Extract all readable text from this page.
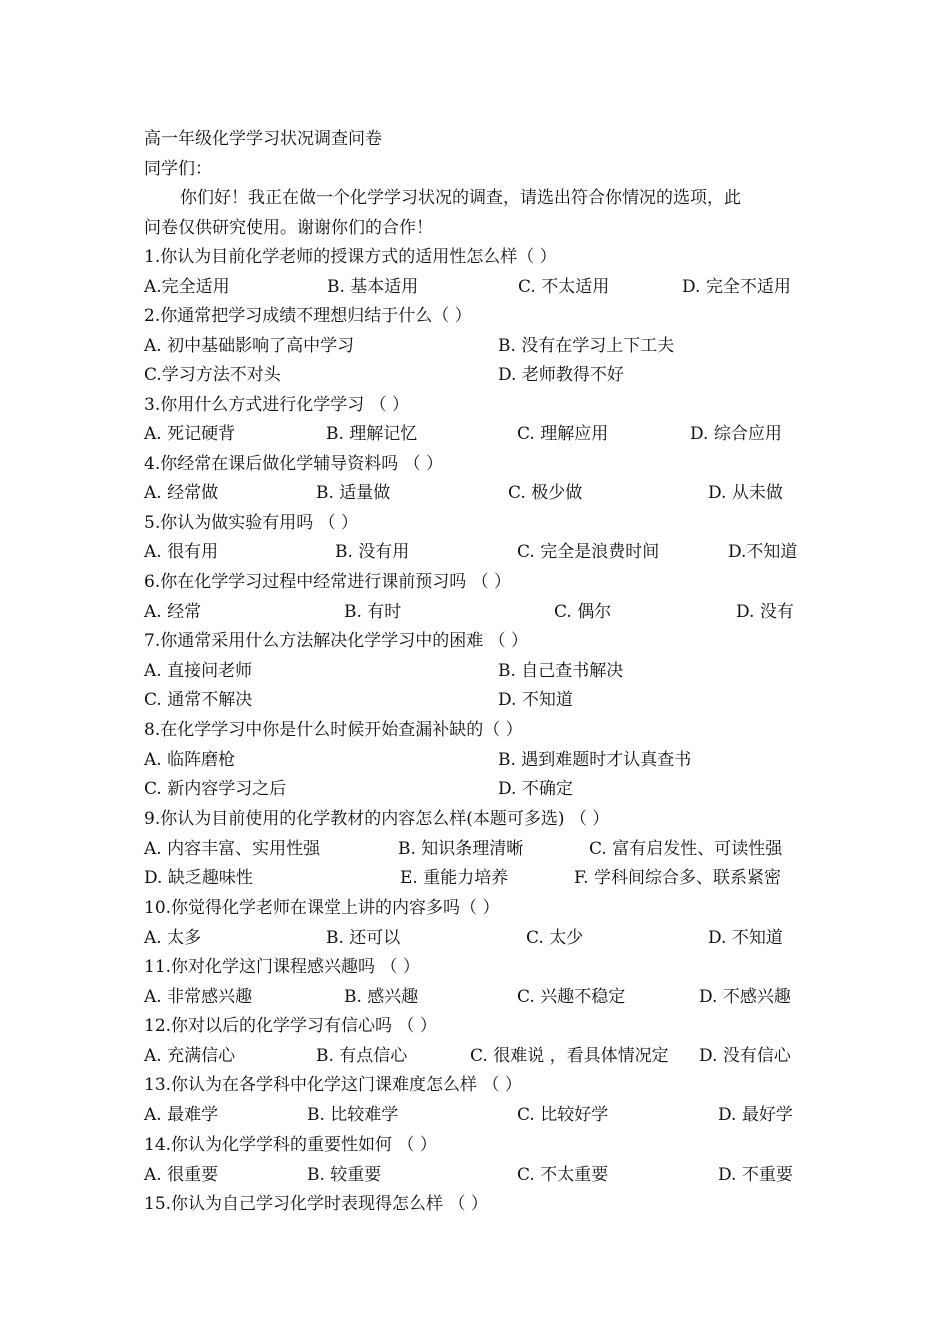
高一年级化学学习状况调查问卷
同学们：
你们好！我正在做一个化学学习状况的调查，请选出符合你情况的选项，此
问卷仅供研究使用。谢谢你们的合作！
1.你认为目前化学老师的授课方式的适用性怎么样（ ）
A.完全适用	B. 基本适用	C. 不太适用	D. 完全不适用
2.你通常把学习成绩不理想归结于什么（ ）
A. 初中基础影响了高中学习	B. 没有在学习上下工夫
C.学习方法不对头	D. 老师教得不好
3.你用什么方式进行化学学习 （ ）
A. 死记硬背	B. 理解记忆	C. 理解应用	D. 综合应用
4.你经常在课后做化学辅导资料吗 （ ）
A. 经常做	B. 适量做	C. 极少做	D. 从未做
5.你认为做实验有用吗 （ ）
A. 很有用	B. 没有用	C. 完全是浪费时间	D.不知道
6.你在化学学习过程中经常进行课前预习吗 （ ）
A. 经常	B. 有时	C. 偶尔	D. 没有
7.你通常采用什么方法解决化学学习中的困难 （ ）
A. 直接问老师	B. 自己查书解决
C. 通常不解决	D. 不知道
8.在化学学习中你是什么时候开始查漏补缺的（ ）
A. 临阵磨枪	B. 遇到难题时才认真查书
C. 新内容学习之后	D. 不确定
9.你认为目前使用的化学教材的内容怎么样(本题可多选) （ ）
A. 内容丰富、实用性强	B. 知识条理清晰	C. 富有启发性、可读性强
D. 缺乏趣味性	E. 重能力培养	F. 学科间综合多、联系紧密
10.你觉得化学老师在课堂上讲的内容多吗（ ）
A. 太多	B. 还可以	C. 太少	D. 不知道
11.你对化学这门课程感兴趣吗 （ ）
A. 非常感兴趣	B. 感兴趣	C. 兴趣不稳定	D. 不感兴趣
12.你对以后的化学学习有信心吗 （ ）
A. 充满信心	B. 有点信心	C. 很难说 ，看具体情况定 D. 没有信心
13.你认为在各学科中化学这门课难度怎么样 （ ）
A. 最难学	B. 比较难学	C. 比较好学	D. 最好学
14.你认为化学学科的重要性如何 （ ）
A. 很重要	B. 较重要	C. 不太重要	D. 不重要
15.你认为自己学习化学时表现得怎么样 （ ）
